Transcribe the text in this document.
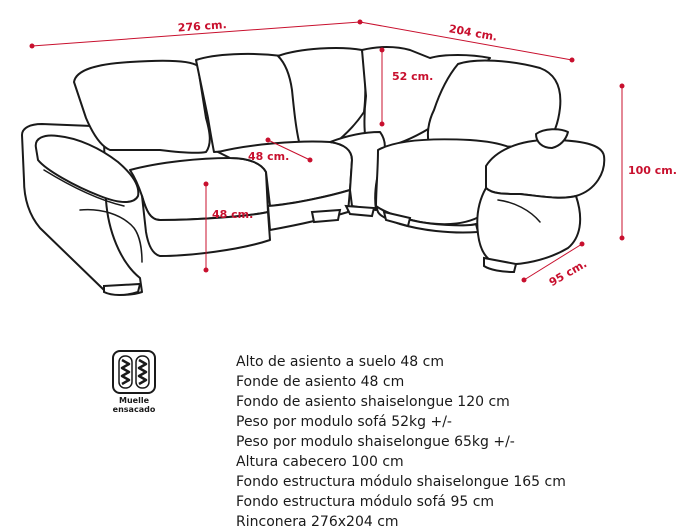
276 cm.	204 cm.
52 cm.
48 cm.
48 cm.
100 cm.
95 cm.
Muelle
ensacado
Alto de asiento a suelo 48 cm
Fonde de asiento 48 cm
Fondo de asiento shaiselongue 120 cm
Peso por modulo sofá 52kg +/-
Peso por modulo shaiselongue 65kg +/-
Altura cabecero 100 cm
Fondo estructura módulo shaiselongue 165 cm
Fondo estructura módulo sofá 95 cm
Rinconera 276x204 cm
